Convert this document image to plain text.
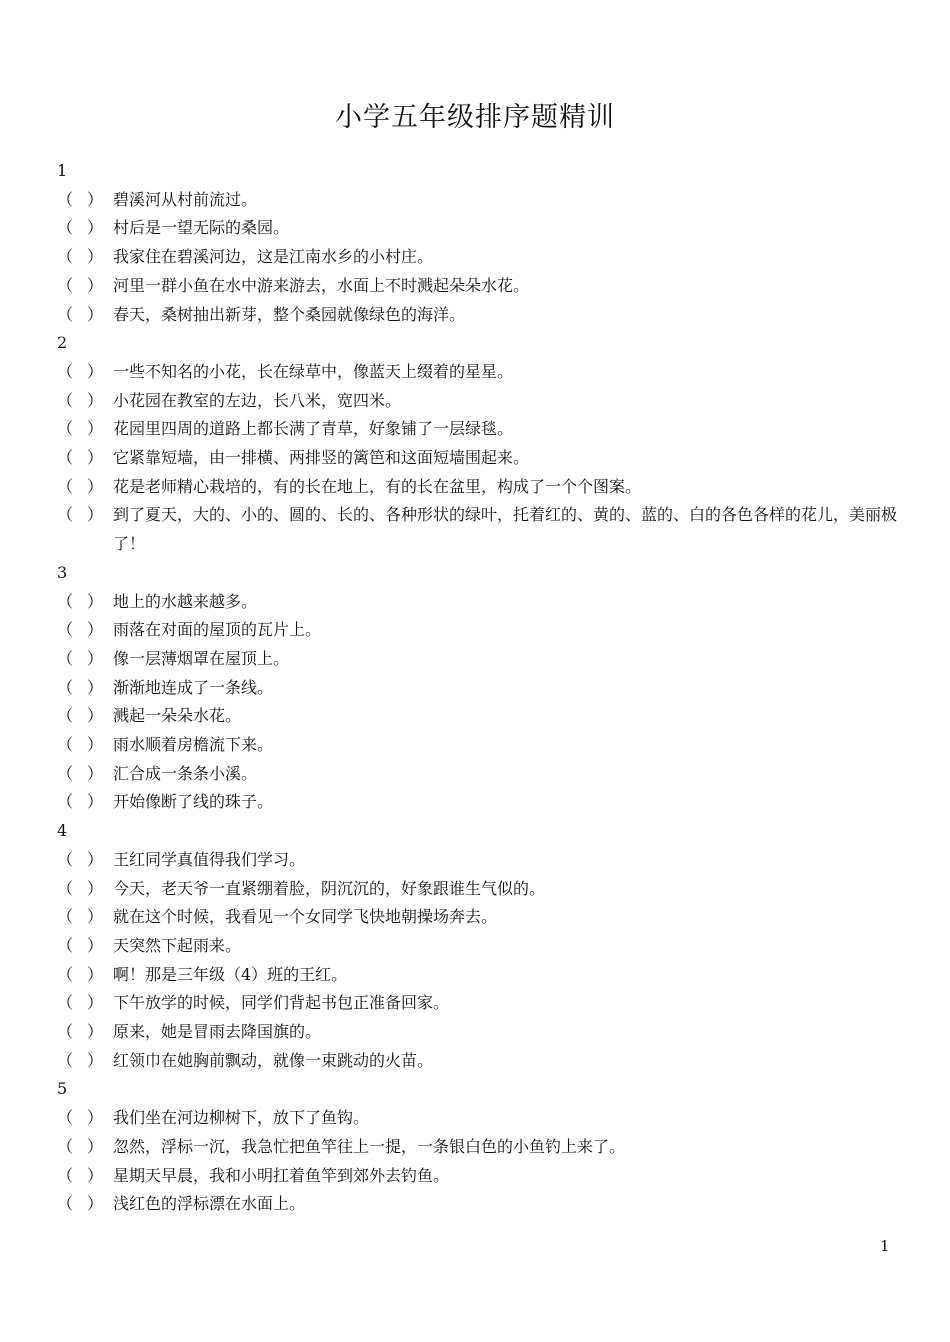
小学五年级排序题精训
1
（ ） 碧溪河从村前流过。
（ ） 村后是一望无际的桑园。
（ ） 我家住在碧溪河边，这是江南水乡的小村庄。
（ ） 河里一群小鱼在水中游来游去，水面上不时溅起朵朵水花。
（ ） 春天，桑树抽出新芽，整个桑园就像绿色的海洋。
2
（ ） 一些不知名的小花，长在绿草中，像蓝天上缀着的星星。
（ ） 小花园在教室的左边，长八米，宽四米。
（ ） 花园里四周的道路上都长满了青草，好象铺了一层绿毯。
（ ） 它紧靠短墙，由一排横、两排竖的篱笆和这面短墙围起来。
（ ） 花是老师精心栽培的，有的长在地上，有的长在盆里，构成了一个个图案。
（ ） 到了夏天，大的、小的、圆的、长的、各种形状的绿叶，托着红的、黄的、蓝的、白的各色各样的花儿，美丽极了！
3
（ ） 地上的水越来越多。
（ ） 雨落在对面的屋顶的瓦片上。
（ ） 像一层薄烟罩在屋顶上。
（ ） 渐渐地连成了一条线。
（ ） 溅起一朵朵水花。
（ ） 雨水顺着房檐流下来。
（ ） 汇合成一条条小溪。
（ ） 开始像断了线的珠子。
4
（ ） 王红同学真值得我们学习。
（ ） 今天，老天爷一直紧绷着脸，阴沉沉的，好象跟谁生气似的。
（ ） 就在这个时候，我看见一个女同学飞快地朝操场奔去。
（ ） 天突然下起雨来。
（ ） 啊！那是三年级（4）班的王红。
（ ） 下午放学的时候，同学们背起书包正准备回家。
（ ） 原来，她是冒雨去降国旗的。
（ ） 红领巾在她胸前飘动，就像一束跳动的火苗。
5
（ ） 我们坐在河边柳树下，放下了鱼钩。
（ ） 忽然，浮标一沉，我急忙把鱼竿往上一提，一条银白色的小鱼钓上来了。
（ ） 星期天早晨，我和小明扛着鱼竿到郊外去钓鱼。
（ ） 浅红色的浮标漂在水面上。
1
